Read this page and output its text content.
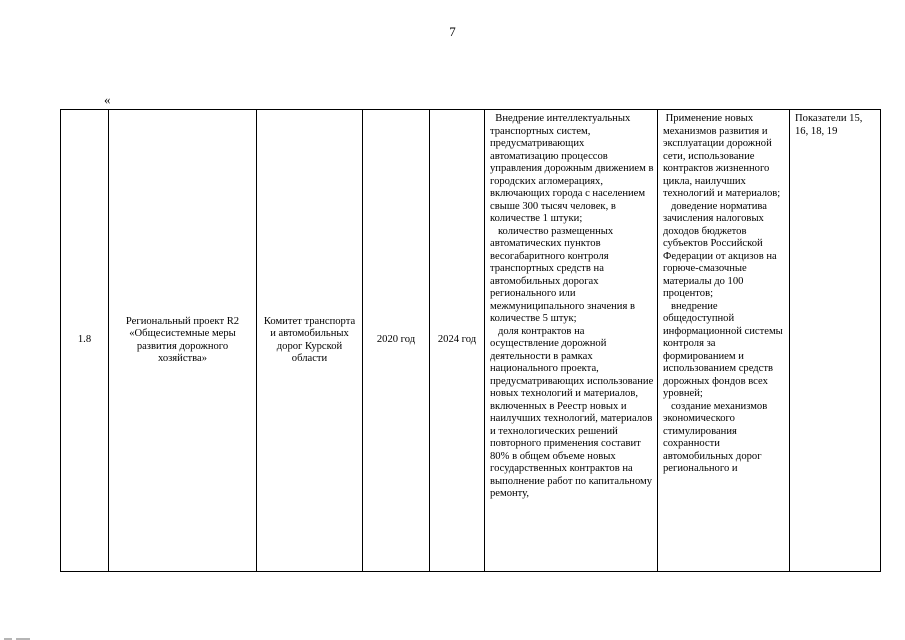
7
«
1.8	Региональный проект R2 «Общесистемные меры развития дорожного хозяйства»	Комитет транспорта и автомобильных дорог Курской области	2020 год	2024 год	Внедрение интеллектуальных транспортных систем, предусматривающих автоматизацию процессов управления дорожным движением в городских агломерациях, включающих города с населением свыше 300 тысяч человек, в количестве 1 штуки;
количество размещенных автоматических пунктов весогабаритного контроля транспортных средств на автомобильных дорогах регионального или межмуниципального значения в количестве 5 штук;
доля контрактов на осуществление дорожной деятельности в рамках национального проекта, предусматривающих использование новых технологий и материалов, включенных в Реестр новых и наилучших технологий, материалов и технологических решений повторного применения составит 80% в общем объеме новых государственных контрактов на выполнение работ по капитальному ремонту,	Применение новых механизмов развития и эксплуатации дорожной сети, использование контрактов жизненного цикла, наилучших технологий и материалов;
доведение норматива зачисления налоговых доходов бюджетов субъектов Российской Федерации от акцизов на горюче-смазочные материалы до 100 процентов;
внедрение общедоступной информационной системы контроля за формированием и использованием средств дорожных фондов всех уровней;
создание механизмов экономического стимулирования сохранности автомобильных дорог регионального и	Показатели 15, 16, 18, 19
